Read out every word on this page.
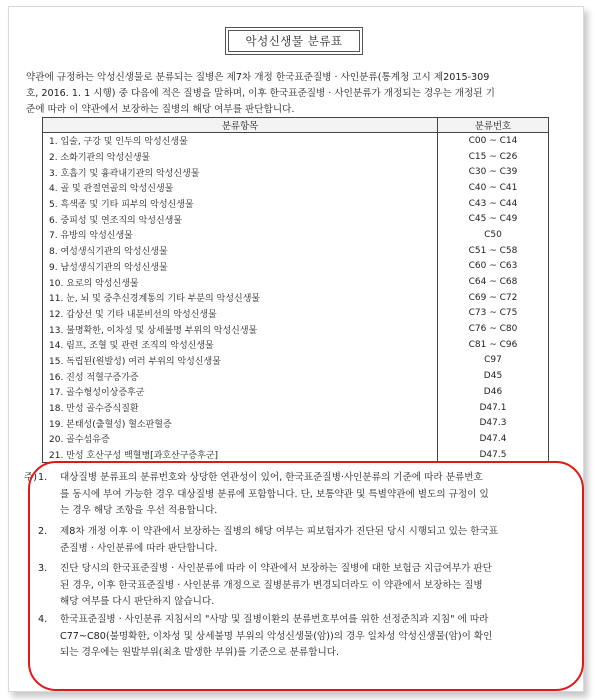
악성신생물 분류표
약관에 규정하는 악성신생물로 분류되는 질병은 제7차 개정 한국표준질병 · 사인분류(통계청 고시 제2015-309
호, 2016. 1. 1 시행) 중 다음에 적은 질병을 말하며, 이후 한국표준질병 · 사인분류가 개정되는 경우는 개정된 기
준에 따라 이 약관에서 보장하는 질병의 해당 여부를 판단합니다.
분류항목	분류번호
1. 입술, 구강 및 인두의 악성신생물	C00 ~ C14
2. 소화기관의 악성신생물	C15 ~ C26
3. 호흡기 및 흉곽내기관의 악성신생물	C30 ~ C39
4. 골 및 관절연골의 악성신생물	C40 ~ C41
5. 흑색종 및 기타 피부의 악성신생물	C43 ~ C44
6. 중피성 및 연조직의 악성신생물	C45 ~ C49
7. 유방의 악성신생물	C50
8. 여성생식기관의 악성신생물	C51 ~ C58
9. 남성생식기관의 악성신생물	C60 ~ C63
10. 요로의 악성신생물	C64 ~ C68
11. 눈, 뇌 및 중추신경계통의 기타 부분의 악성신생물	C69 ~ C72
12. 갑상선 및 기타 내분비선의 악성신생물	C73 ~ C75
13. 불명확한, 이차성 및 상세불명 부위의 악성신생물	C76 ~ C80
14. 림프, 조혈 및 관련 조직의 악성신생물	C81 ~ C96
15. 독립된(원발성) 여러 부위의 악성신생물	C97
16. 진성 적혈구증가증	D45
17. 골수형성이상증후군	D46
18. 만성 골수증식질환	D47.1
19. 본태성(출혈성) 혈소판혈증	D47.3
20. 골수섬유증	D47.4
21. 만성 호산구성 백혈병[과호산구증후군]	D47.5
주) 1. 대상질병 분류표의 분류번호와 상당한 연관성이 있어, 한국표준질병·사인분류의 기준에 따라 분류번호
를 동시에 부여 가능한 경우 대상질병 분류에 포함합니다. 단, 보통약관 및 특별약관에 별도의 규정이 있
는 경우 해당 조항을 우선 적용합니다.
2. 제8차 개정 이후 이 약관에서 보장하는 질병의 해당 여부는 피보험자가 진단된 당시 시행되고 있는 한국표
준질병 · 사인분류에 따라 판단합니다.
3. 진단 당시의 한국표준질병 · 사인분류에 따라 이 약관에서 보장하는 질병에 대한 보험금 지급여부가 판단
된 경우, 이후 한국표준질병 · 사인분류 개정으로 질병분류가 변경되더라도 이 약관에서 보장하는 질병
해당 여부를 다시 판단하지 않습니다.
4. 한국표준질병 · 사인분류 지침서의 "사망 및 질병이환의 분류번호부여를 위한 선정준칙과 지침" 에 따라
C77~C80(불명확한, 이차성 및 상세불명 부위의 악성신생물(암))의 경우 일차성 악성신생물(암)이 확인
되는 경우에는 원발부위(최초 발생한 부위)를 기준으로 분류합니다.
